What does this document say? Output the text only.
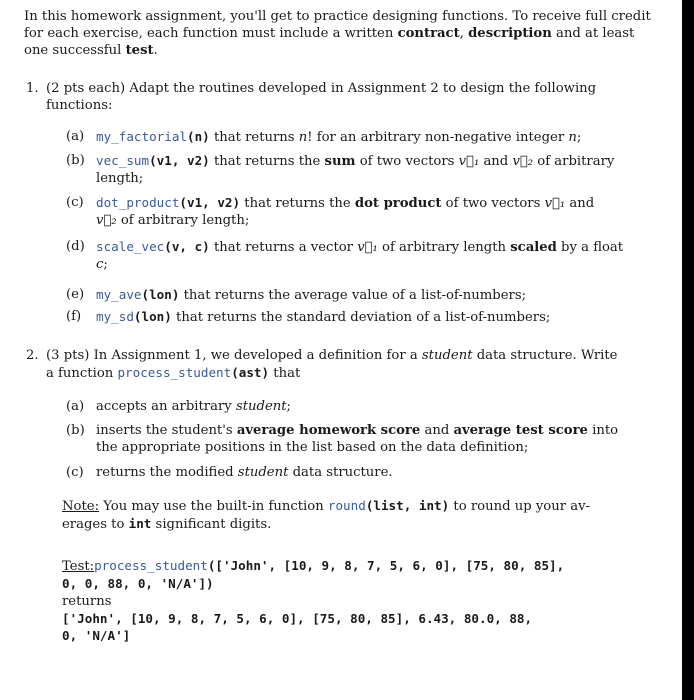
In this homework assignment, you'll get to practice designing functions. To receive full credit
for each exercise, each function must include a written contract, description and at least
one successful test.
1. (2 pts each) Adapt the routines developed in Assignment 2 to design the following
functions:
(a) my_factorial(n) that returns n! for an arbitrary non-negative integer n;
(b) vec_sum(v1, v2) that returns the sum of two vectors v⃗₁ and v⃗₂ of arbitrary
length;
(c) dot_product(v1, v2) that returns the dot product of two vectors v⃗₁ and
v⃗₂ of arbitrary length;
(d) scale_vec(v, c) that returns a vector v⃗₁ of arbitrary length scaled by a float
c;
(e) my_ave(lon) that returns the average value of a list-of-numbers;
(f) my_sd(lon) that returns the standard deviation of a list-of-numbers;
2. (3 pts) In Assignment 1, we developed a definition for a student data structure. Write
a function process_student(ast) that
(a) accepts an arbitrary student;
(b) inserts the student's average homework score and average test score into
the appropriate positions in the list based on the data definition;
(c) returns the modified student data structure.
Note: You may use the built-in function round(list, int) to round up your av-
erages to int significant digits.
Test:process_student(['John', [10, 9, 8, 7, 5, 6, 0], [75, 80, 85],
0, 0, 88, 0, 'N/A'])
returns
['John', [10, 9, 8, 7, 5, 6, 0], [75, 80, 85], 6.43, 80.0, 88,
0, 'N/A']
